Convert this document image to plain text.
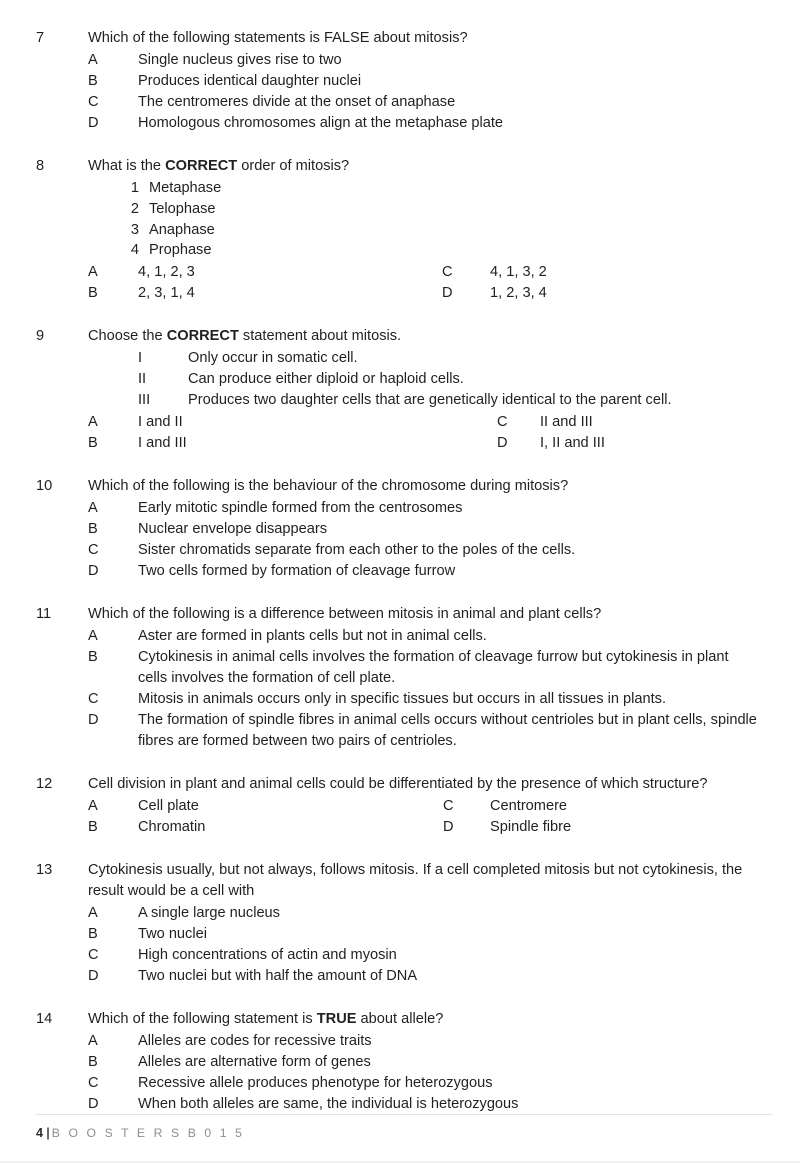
7	Which of the following statements is FALSE about mitosis?
A	Single nucleus gives rise to two
B	Produces identical daughter nuclei
C	The centromeres divide at the onset of anaphase
D	Homologous chromosomes align at the metaphase plate
8	What is the CORRECT order of mitosis?
1 Metaphase
2 Telophase
3 Anaphase
4 Prophase
A	4, 1, 2, 3	C	4, 1, 3, 2
B	2, 3, 1, 4	D	1, 2, 3, 4
9	Choose the CORRECT statement about mitosis.
I	Only occur in somatic cell.
II	Can produce either diploid or haploid cells.
III	Produces two daughter cells that are genetically identical to the parent cell.
A	I and II	C	II and III
B	I and III	D	I, II and III
10	Which of the following is the behaviour of the chromosome during mitosis?
A	Early mitotic spindle formed from the centrosomes
B	Nuclear envelope disappears
C	Sister chromatids separate from each other to the poles of the cells.
D	Two cells formed by formation of cleavage furrow
11	Which of the following is a difference between mitosis in animal and plant cells?
A	Aster are formed in plants cells but not in animal cells.
B	Cytokinesis in animal cells involves the formation of cleavage furrow but cytokinesis in plant cells involves the formation of cell plate.
C	Mitosis in animals occurs only in specific tissues but occurs in all tissues in plants.
D	The formation of spindle fibres in animal cells occurs without centrioles but in plant cells, spindle fibres are formed between two pairs of centrioles.
12	Cell division in plant and animal cells could be differentiated by the presence of which structure?
A	Cell plate	C	Centromere
B	Chromatin	D	Spindle fibre
13	Cytokinesis usually, but not always, follows mitosis. If a cell completed mitosis but not cytokinesis, the result would be a cell with
A	A single large nucleus
B	Two nuclei
C	High concentrations of actin and myosin
D	Two nuclei but with half the amount of DNA
14	Which of the following statement is TRUE about allele?
A	Alleles are codes for recessive traits
B	Alleles are alternative form of genes
C	Recessive allele produces phenotype for heterozygous
D	When both alleles are same, the individual is heterozygous
4 | B O O S T E R S B 0 1 5
